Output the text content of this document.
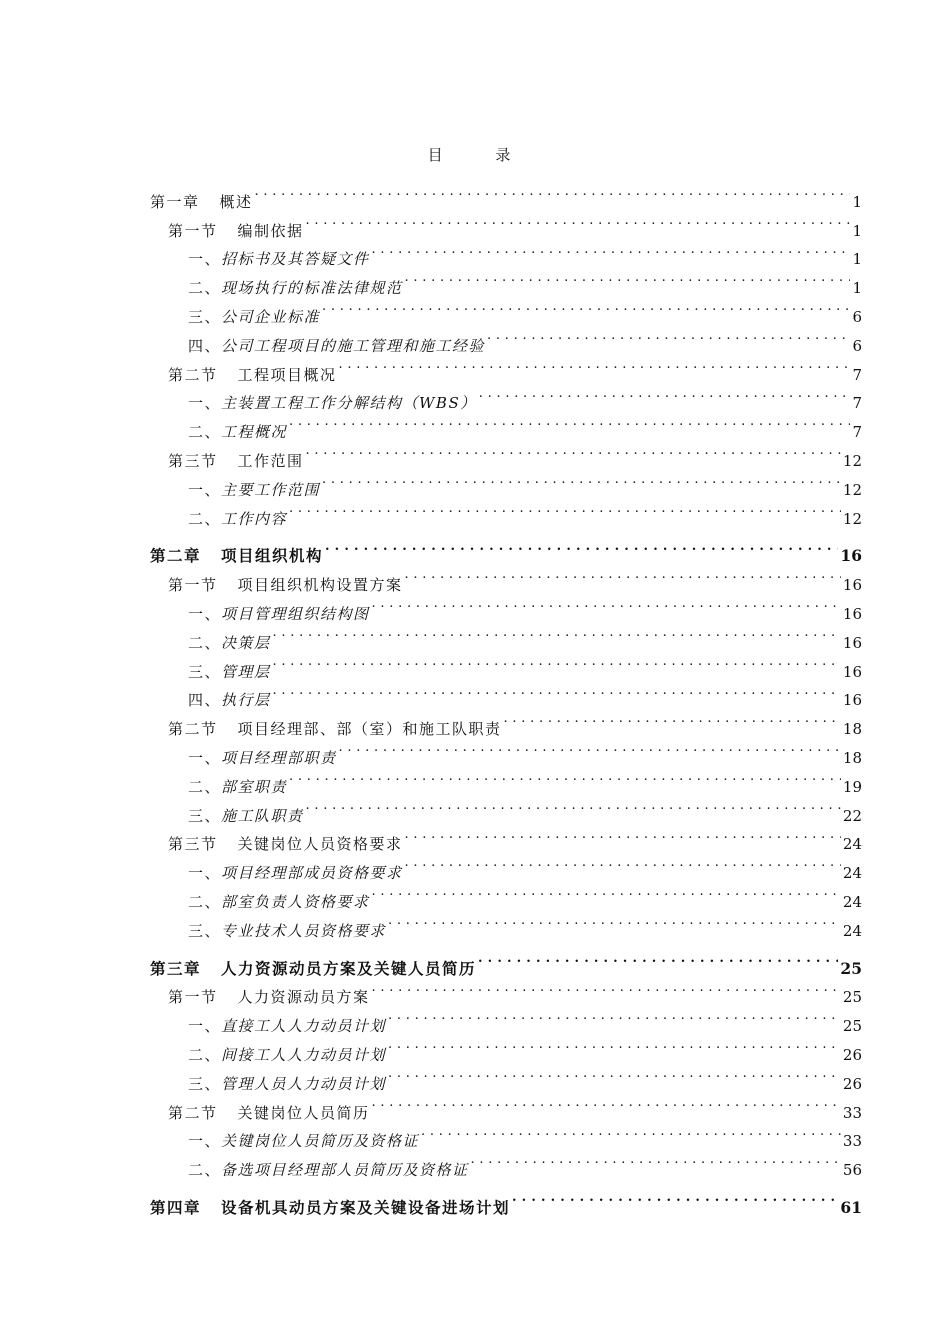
目 录
第一章 概述 . . .	1
第一节 编制依据 . . .	1
一、招标书及其答疑文件 . . .	1
二、现场执行的标准法律规范 . . .	1
三、公司企业标准 . . .	6
四、公司工程项目的施工管理和施工经验 . . .	6
第二节 工程项目概况 . . .	7
一、主装置工程工作分解结构（WBS） . . .	7
二、工程概况 . . .	7
第三节 工作范围 . . .	12
一、主要工作范围 . . .	12
二、工作内容 . . .	12
第二章 项目组织机构 . . .	16
第一节 项目组织机构设置方案 . . .	16
一、项目管理组织结构图 . . .	16
二、决策层 . . .	16
三、管理层 . . .	16
四、执行层 . . .	16
第二节 项目经理部、部（室）和施工队职责 . . .	18
一、项目经理部职责 . . .	18
二、部室职责 . . .	19
三、施工队职责 . . .	22
第三节 关键岗位人员资格要求 . . .	24
一、项目经理部成员资格要求 . . .	24
二、部室负责人资格要求 . . .	24
三、专业技术人员资格要求 . . .	24
第三章 人力资源动员方案及关键人员简历 . . .	25
第一节 人力资源动员方案 . . .	25
一、直接工人人力动员计划 . . .	25
二、间接工人人力动员计划 . . .	26
三、管理人员人力动员计划 . . .	26
第二节 关键岗位人员简历 . . .	33
一、关键岗位人员简历及资格证 . . .	33
二、备选项目经理部人员简历及资格证 . . .	56
第四章 设备机具动员方案及关键设备进场计划 . . .	61
